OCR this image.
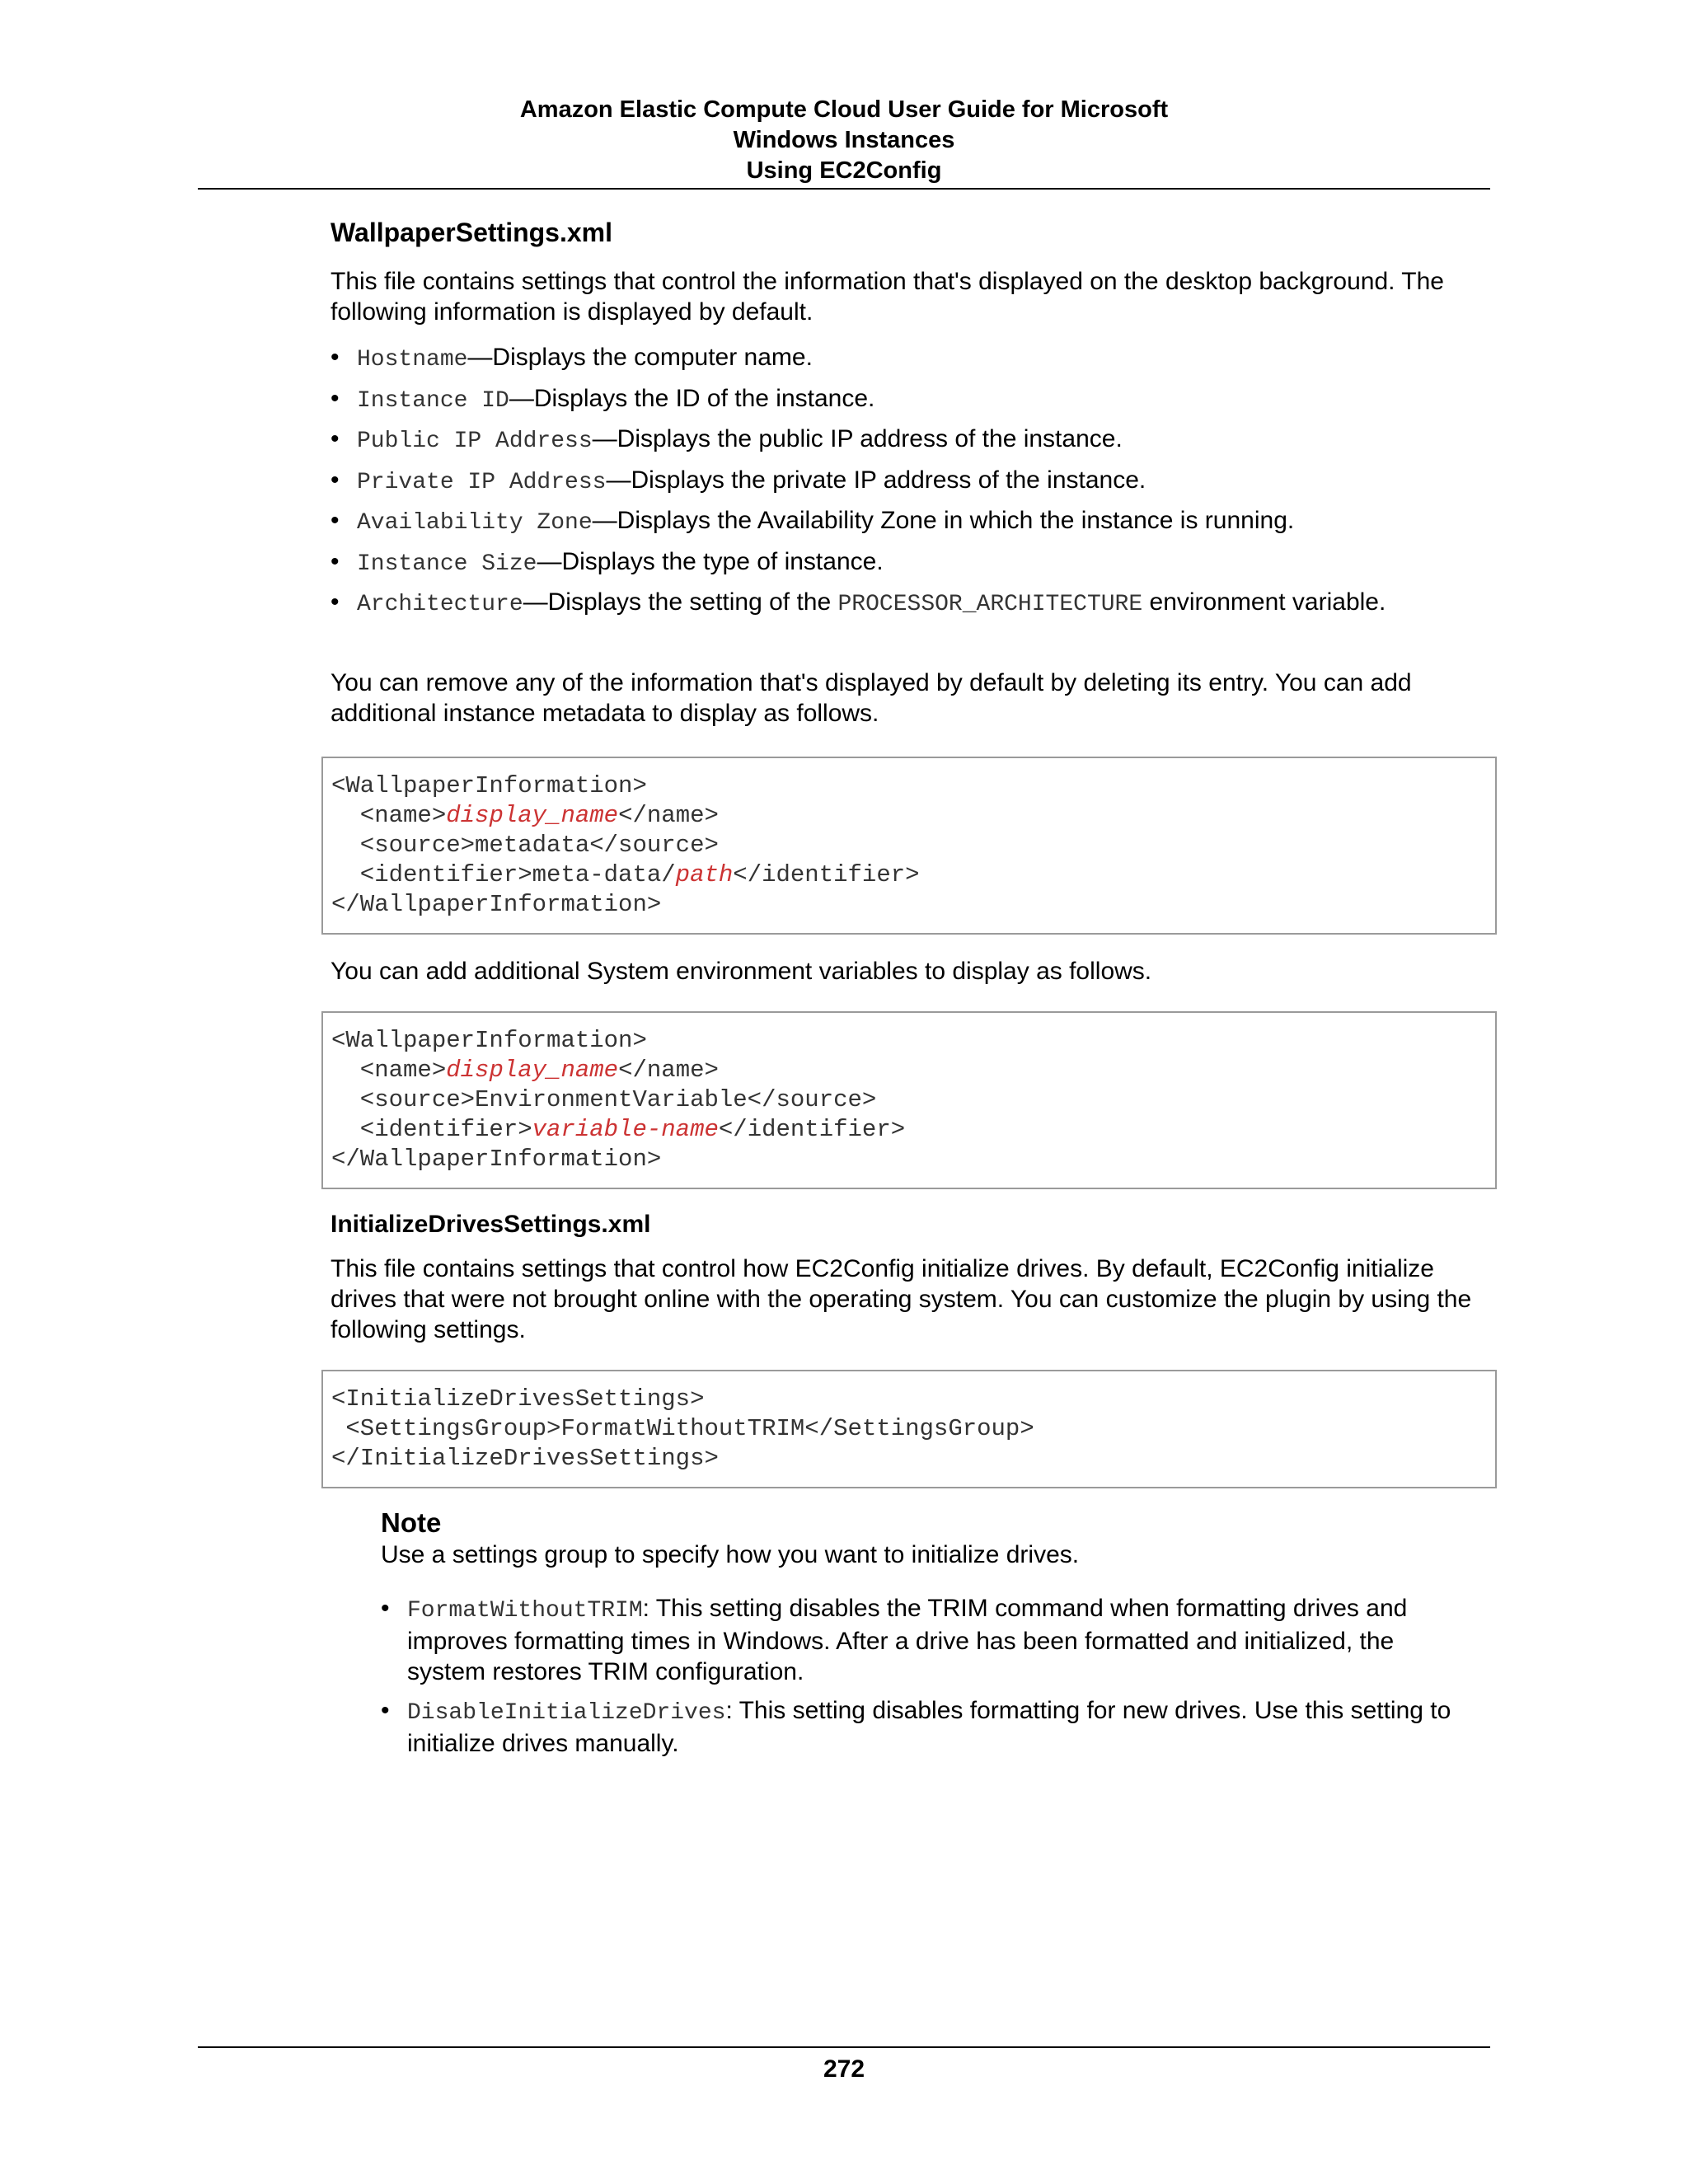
Amazon Elastic Compute Cloud User Guide for Microsoft
Windows Instances
Using EC2Config
WallpaperSettings.xml

This file contains settings that control the information that's displayed on the desktop background. The following information is displayed by default.

• Hostname—Displays the computer name.
• Instance ID—Displays the ID of the instance.
• Public IP Address—Displays the public IP address of the instance.
• Private IP Address—Displays the private IP address of the instance.
• Availability Zone—Displays the Availability Zone in which the instance is running.
• Instance Size—Displays the type of instance.
• Architecture—Displays the setting of the PROCESSOR_ARCHITECTURE environment variable.

You can remove any of the information that's displayed by default by deleting its entry. You can add additional instance metadata to display as follows.

<WallpaperInformation>
<name>display_name</name>
<source>metadata</source>
<identifier>meta-data/path</identifier>
</WallpaperInformation>

You can add additional System environment variables to display as follows.

<WallpaperInformation>
<name>display_name</name>
<source>EnvironmentVariable</source>
<identifier>variable-name</identifier>
</WallpaperInformation>
InitializeDrivesSettings.xml

This file contains settings that control how EC2Config initialize drives. By default, EC2Config initialize drives that were not brought online with the operating system. You can customize the plugin by using the following settings.

<InitializeDrivesSettings>
<SettingsGroup>FormatWithoutTRIM</SettingsGroup>
</InitializeDrivesSettings>
Note

Use a settings group to specify how you want to initialize drives.

• FormatWithoutTRIM: This setting disables the TRIM command when formatting drives and improves formatting times in Windows. After a drive has been formatted and initialized, the system restores TRIM configuration.
• DisableInitializeDrives: This setting disables formatting for new drives. Use this setting to initialize drives manually.
272
